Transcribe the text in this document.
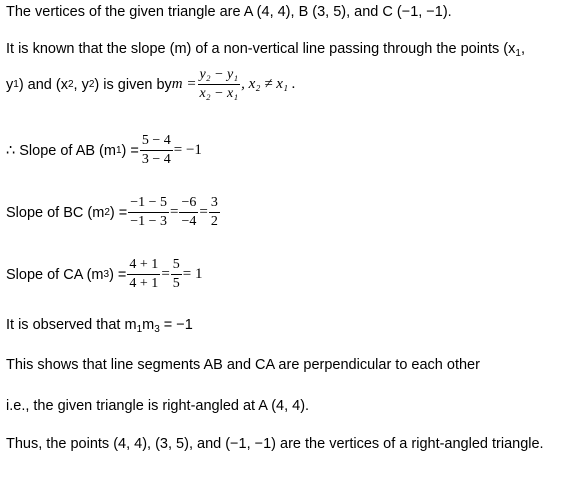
The vertices of the given triangle are A (4, 4), B (3, 5), and C (−1, −1).
It is known that the slope (m) of a non-vertical line passing through the points ($x_1$,
y 1 ) and (x 2 , y 2 ) is given by $m = \frac{\text{y₂ − y₁}}{\text{x₂ − x₁}}$ , x₂ ≠ x₁ .
∴ Slope of AB (m 1 ) = $\frac{5 - 4}{3 - 4} = -1$
Slope of BC (m 2 ) = $\frac{-1 - 5}{-1 - 3} = \frac{-6}{-4} = \frac{3}{2}$
Slope of CA (m 3 ) = $\frac{4 + 1}{4 + 1} = \frac{5}{5} = 1$
It is observed that $m_1m_3 = -1$
This shows that line segments AB and CA are perpendicular to each other
i.e., the given triangle is right-angled at A (4, 4).
Thus, the points (4, 4), (3, 5), and (−1, −1) are the vertices of a right-angled triangle.
